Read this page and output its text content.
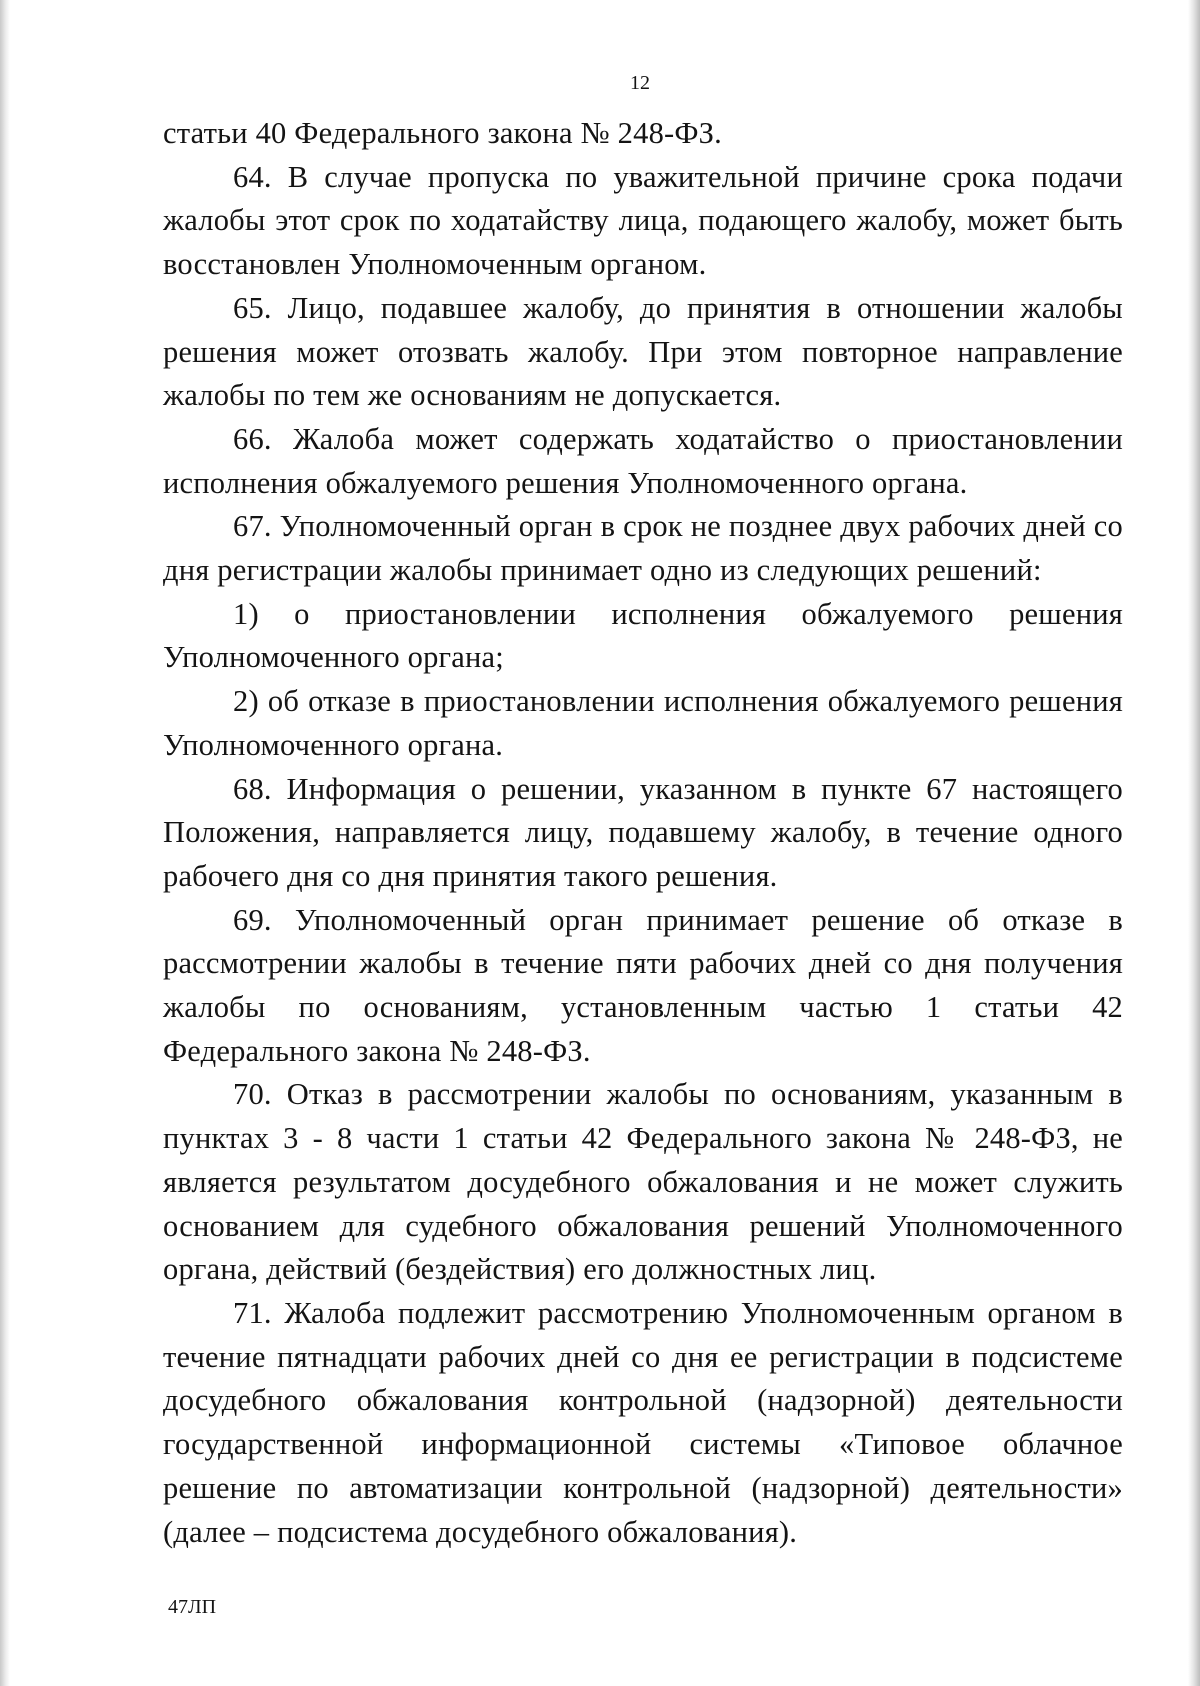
12

статьи 40 Федерального закона № 248-ФЗ.

64. В случае пропуска по уважительной причине срока подачи жалобы этот срок по ходатайству лица, подающего жалобу, может быть восстановлен Уполномоченным органом.

65. Лицо, подавшее жалобу, до принятия в отношении жалобы решения может отозвать жалобу. При этом повторное направление жалобы по тем же основаниям не допускается.

66. Жалоба может содержать ходатайство о приостановлении исполнения обжалуемого решения Уполномоченного органа.

67. Уполномоченный орган в срок не позднее двух рабочих дней со дня регистрации жалобы принимает одно из следующих решений:

1) о приостановлении исполнения обжалуемого решения Уполномоченного органа;

2) об отказе в приостановлении исполнения обжалуемого решения Уполномоченного органа.

68. Информация о решении, указанном в пункте 67 настоящего Положения, направляется лицу, подавшему жалобу, в течение одного рабочего дня со дня принятия такого решения.

69. Уполномоченный орган принимает решение об отказе в рассмотрении жалобы в течение пяти рабочих дней со дня получения жалобы по основаниям, установленным частью 1 статьи 42 Федерального закона № 248-ФЗ.

70. Отказ в рассмотрении жалобы по основаниям, указанным в пунктах 3 - 8 части 1 статьи 42 Федерального закона № 248-ФЗ, не является результатом досудебного обжалования и не может служить основанием для судебного обжалования решений Уполномоченного органа, действий (бездействия) его должностных лиц.

71. Жалоба подлежит рассмотрению Уполномоченным органом в течение пятнадцати рабочих дней со дня ее регистрации в подсистеме досудебного обжалования контрольной (надзорной) деятельности государственной информационной системы «Типовое облачное решение по автоматизации контрольной (надзорной) деятельности» (далее – подсистема досудебного обжалования).

47ЛП
